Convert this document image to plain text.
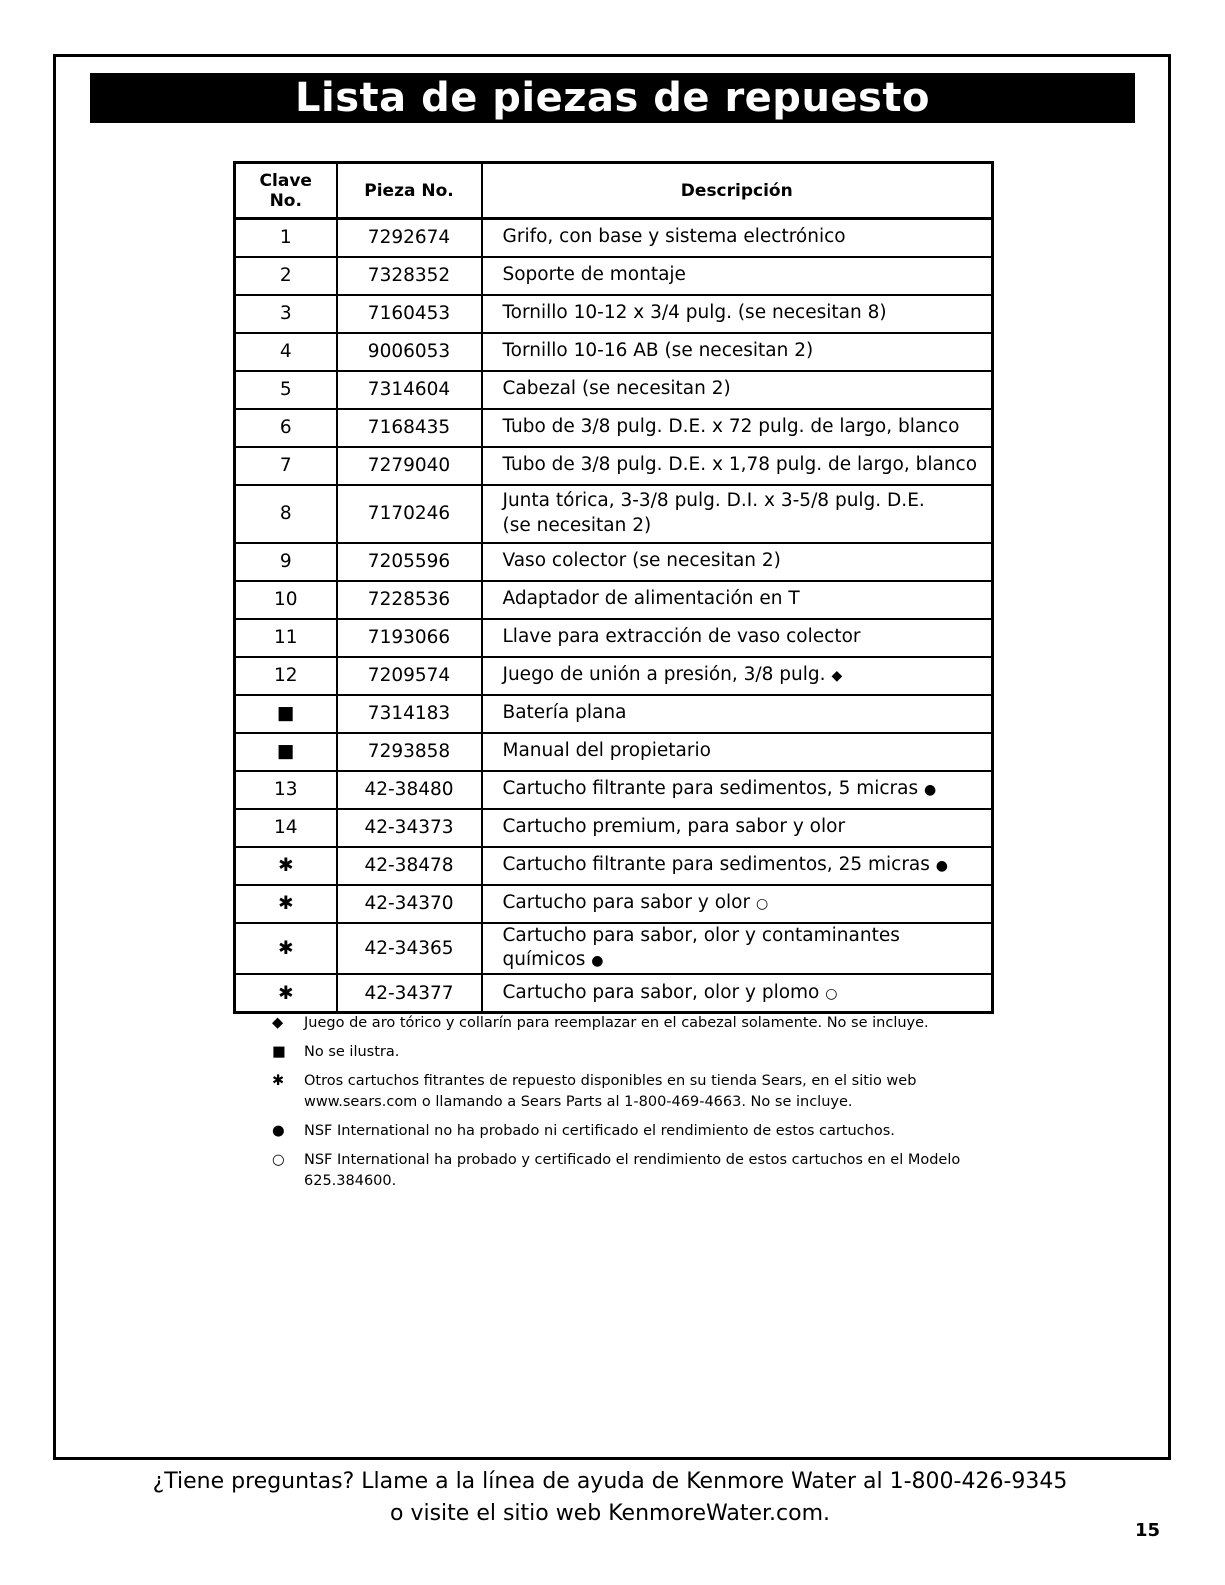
Lista de piezas de repuesto
Clave No.	Pieza No.	Descripción
1	7292674	Grifo, con base y sistema electrónico
2	7328352	Soporte de montaje
3	7160453	Tornillo 10-12 x 3/4 pulg. (se necesitan 8)
4	9006053	Tornillo 10-16 AB (se necesitan 2)
5	7314604	Cabezal (se necesitan 2)
6	7168435	Tubo de 3/8 pulg. D.E. x 72 pulg. de largo, blanco
7	7279040	Tubo de 3/8 pulg. D.E. x 1,78 pulg. de largo, blanco
8	7170246	Junta tórica, 3-3/8 pulg. D.I. x 3-5/8 pulg. D.E.
(se necesitan 2)
9	7205596	Vaso colector (se necesitan 2)
10	7228536	Adaptador de alimentación en T
11	7193066	Llave para extracción de vaso colector
12	7209574	Juego de unión a presión, 3/8 pulg. ◆
■	7314183	Batería plana
■	7293858	Manual del propietario
13	42-38480	Cartucho filtrante para sedimentos, 5 micras ●
14	42-34373	Cartucho premium, para sabor y olor
✱	42-38478	Cartucho filtrante para sedimentos, 25 micras ●
✱	42-34370	Cartucho para sabor y olor ○
✱	42-34365	Cartucho para sabor, olor y contaminantes químicos ●
✱	42-34377	Cartucho para sabor, olor y plomo ○
◆	Juego de aro tórico y collarín para reemplazar en el cabezal solamente. No se incluye.
■	No se ilustra.
✱	Otros cartuchos fitrantes de repuesto disponibles en su tienda Sears, en el sitio web www.sears.com o llamando a Sears Parts al 1-800-469-4663. No se incluye.
●	NSF International no ha probado ni certificado el rendimiento de estos cartuchos.
○	NSF International ha probado y certificado el rendimiento de estos cartuchos en el Modelo 625.384600.
¿Tiene preguntas? Llame a la línea de ayuda de Kenmore Water al 1-800-426-9345
o visite el sitio web KenmoreWater.com.
15
